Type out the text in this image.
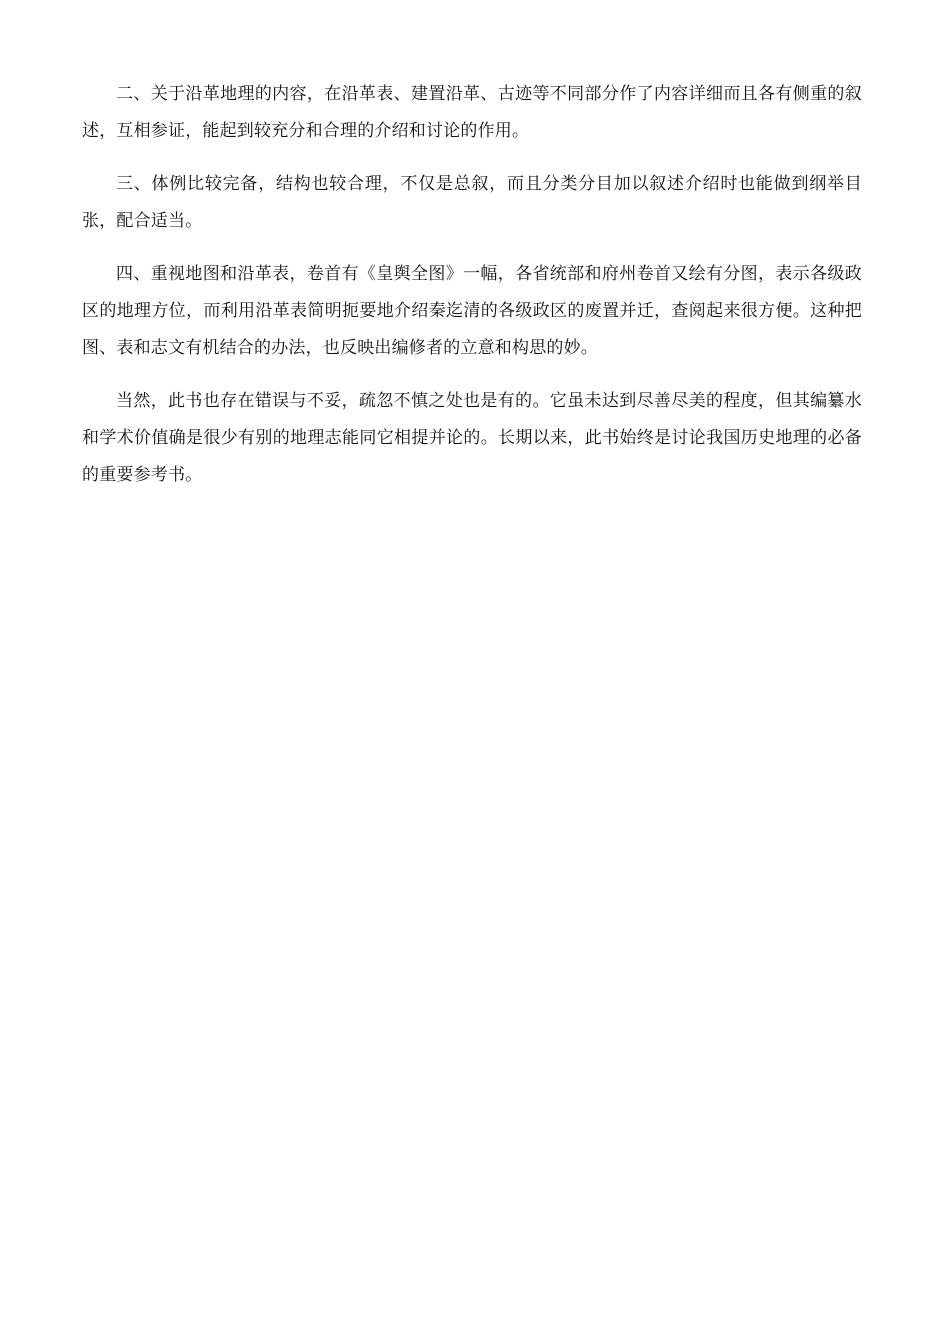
二、关于沿革地理的内容，在沿革表、建置沿革、古迹等不同部分作了内容详细而且各有侧重的叙述，互相参证，能起到较充分和合理的介绍和讨论的作用。

三、体例比较完备，结构也较合理，不仅是总叙，而且分类分目加以叙述介绍时也能做到纲举目张，配合适当。

四、重视地图和沿革表，卷首有《皇舆全图》一幅，各省统部和府州卷首又绘有分图，表示各级政区的地理方位，而利用沿革表简明扼要地介绍秦迄清的各级政区的废置并迁，查阅起来很方便。这种把图、表和志文有机结合的办法，也反映出编修者的立意和构思的妙。

当然，此书也存在错误与不妥，疏忽不慎之处也是有的。它虽未达到尽善尽美的程度，但其编纂水和学术价值确是很少有别的地理志能同它相提并论的。长期以来，此书始终是讨论我国历史地理的必备的重要参考书。
